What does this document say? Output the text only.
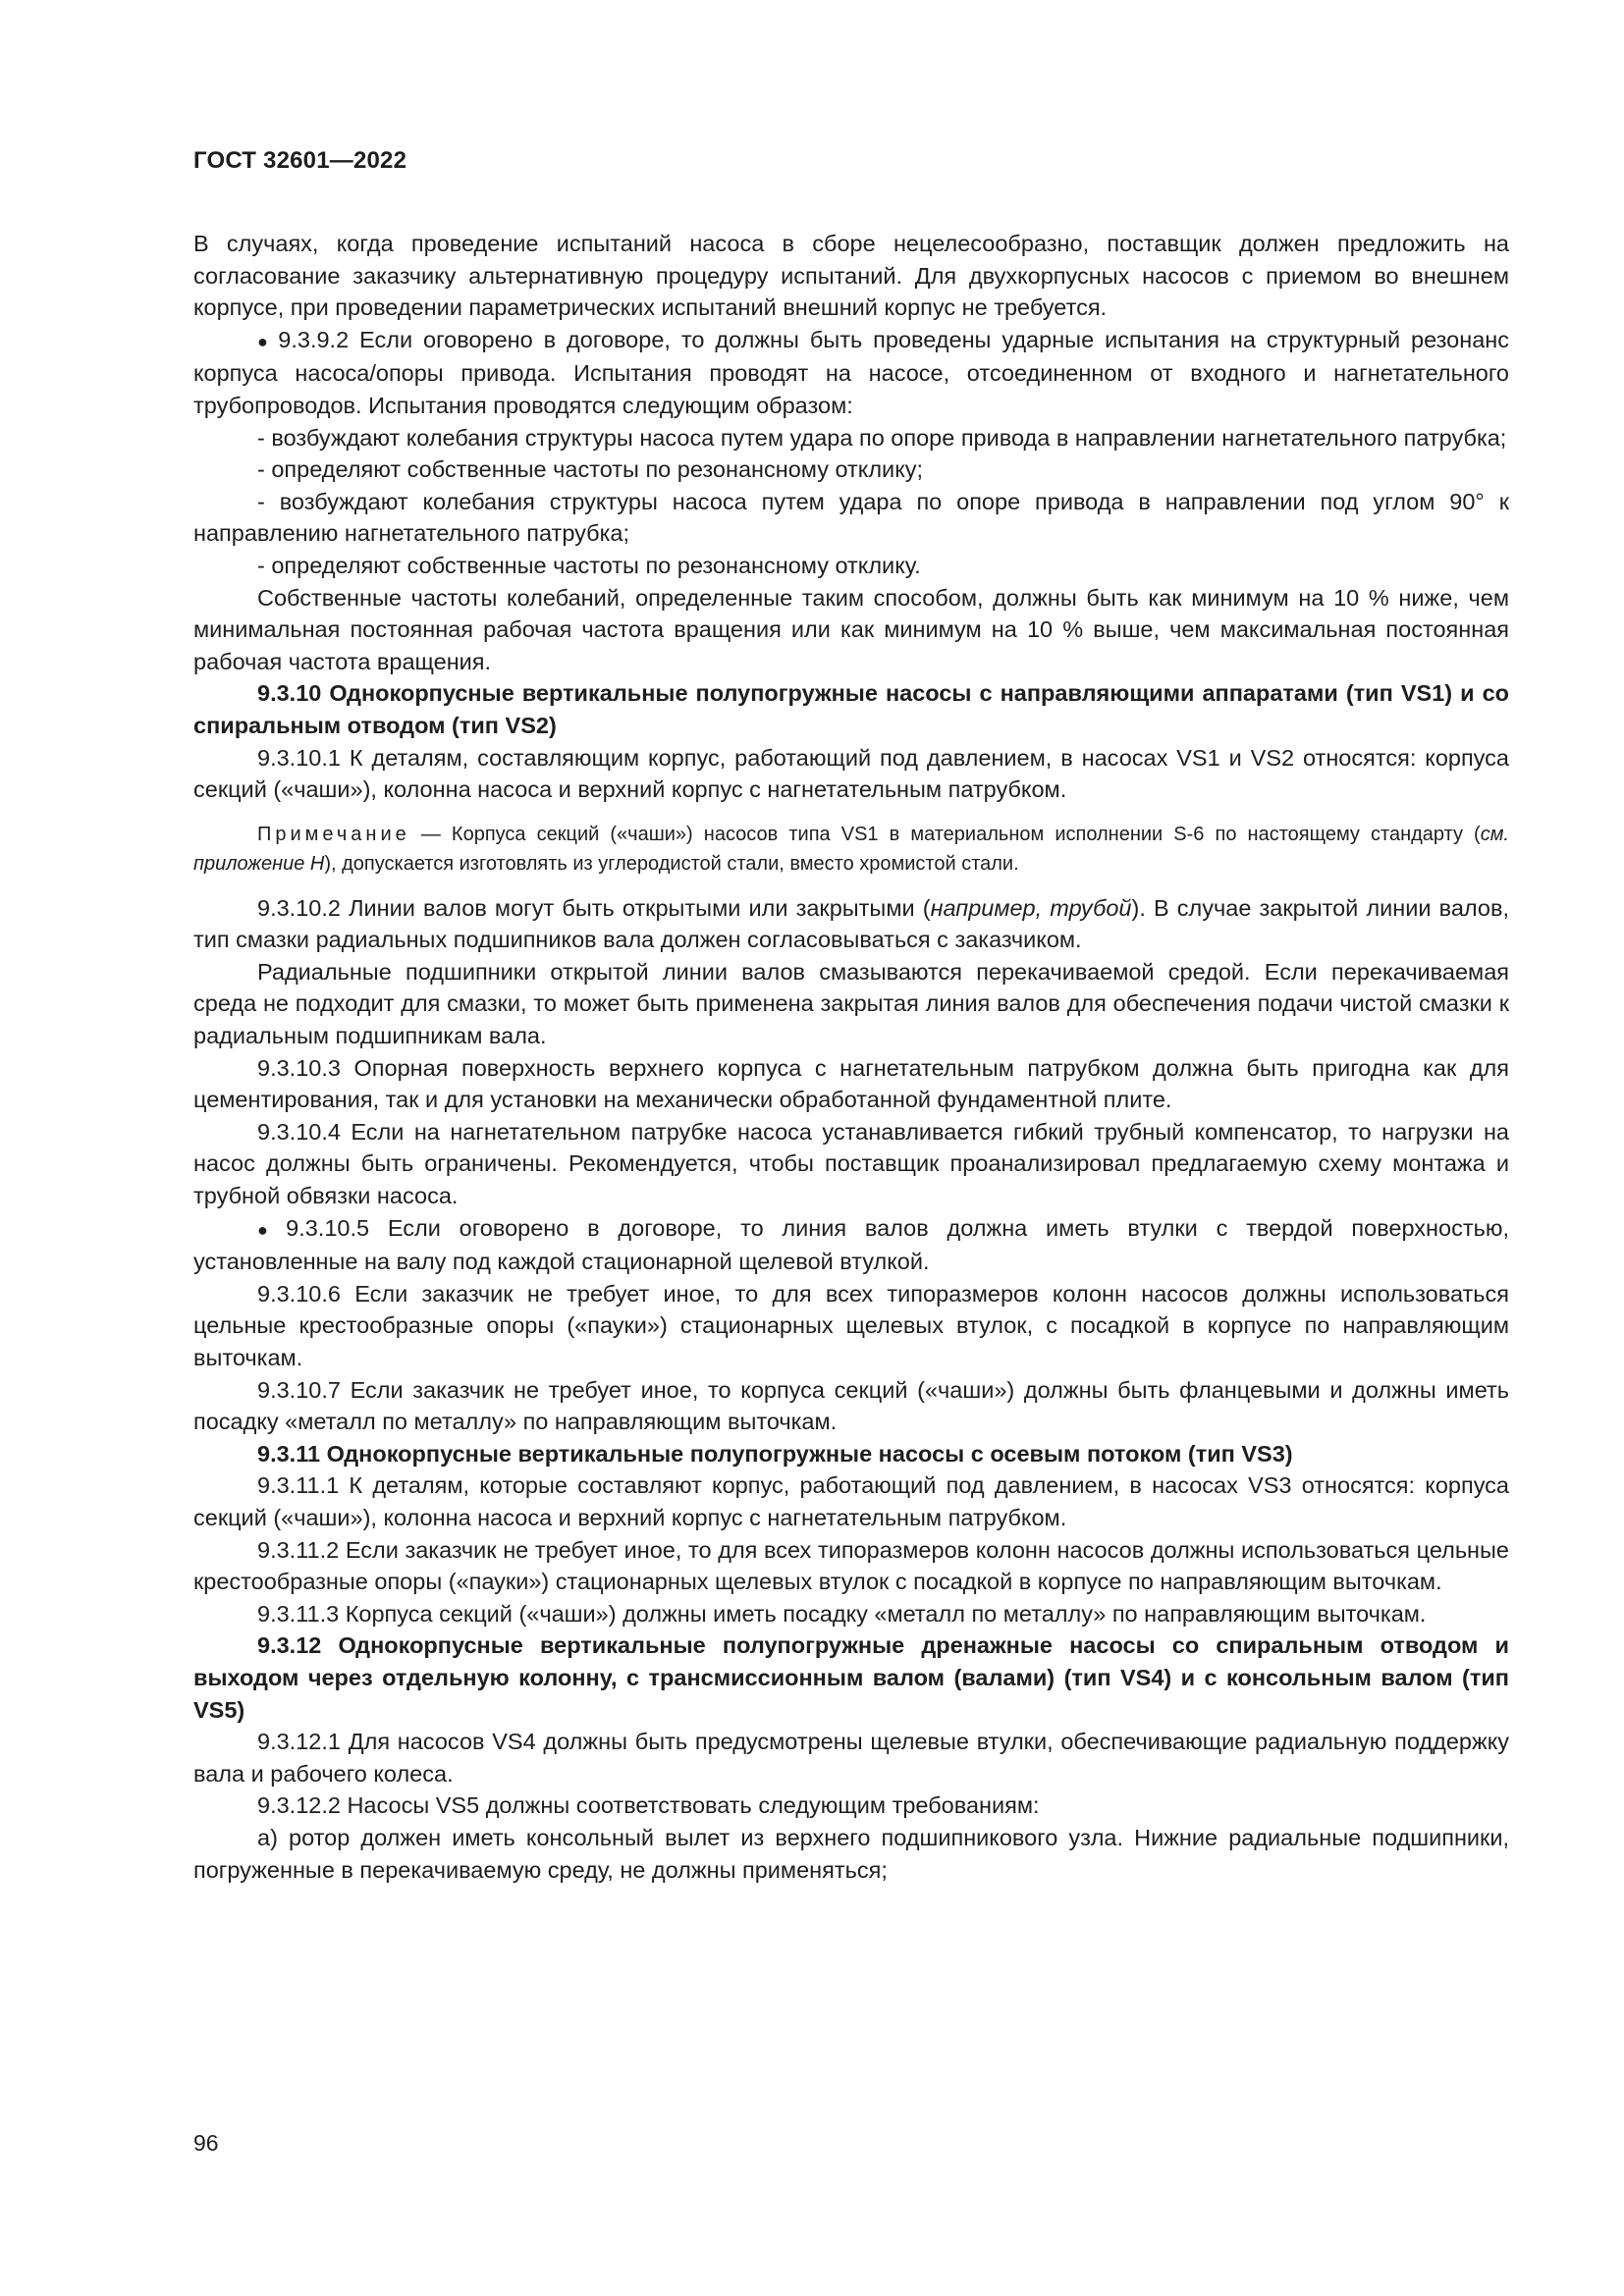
ГОСТ 32601—2022

В случаях, когда проведение испытаний насоса в сборе нецелесообразно, поставщик должен предложить на согласование заказчику альтернативную процедуру испытаний. Для двухкорпусных насосов с приемом во внешнем корпусе, при проведении параметрических испытаний внешний корпус не требуется.

● 9.3.9.2 Если оговорено в договоре, то должны быть проведены ударные испытания на структурный резонанс корпуса насоса/опоры привода. Испытания проводят на насосе, отсоединенном от входного и нагнетательного трубопроводов. Испытания проводятся следующим образом:

- возбуждают колебания структуры насоса путем удара по опоре привода в направлении нагнетательного патрубка;

- определяют собственные частоты по резонансному отклику;

- возбуждают колебания структуры насоса путем удара по опоре привода в направлении под углом 90° к направлению нагнетательного патрубка;

- определяют собственные частоты по резонансному отклику.

Собственные частоты колебаний, определенные таким способом, должны быть как минимум на 10 % ниже, чем минимальная постоянная рабочая частота вращения или как минимум на 10 % выше, чем максимальная постоянная рабочая частота вращения.

9.3.10 Однокорпусные вертикальные полупогружные насосы с направляющими аппаратами (тип VS1) и со спиральным отводом (тип VS2)

9.3.10.1 К деталям, составляющим корпус, работающий под давлением, в насосах VS1 и VS2 относятся: корпуса секций («чаши»), колонна насоса и верхний корпус с нагнетательным патрубком.

Примечание — Корпуса секций («чаши») насосов типа VS1 в материальном исполнении S-6 по настоящему стандарту (см. приложение Н), допускается изготовлять из углеродистой стали, вместо хромистой стали.

9.3.10.2 Линии валов могут быть открытыми или закрытыми (например, трубой). В случае закрытой линии валов, тип смазки радиальных подшипников вала должен согласовываться с заказчиком.

Радиальные подшипники открытой линии валов смазываются перекачиваемой средой. Если перекачиваемая среда не подходит для смазки, то может быть применена закрытая линия валов для обеспечения подачи чистой смазки к радиальным подшипникам вала.

9.3.10.3 Опорная поверхность верхнего корпуса с нагнетательным патрубком должна быть пригодна как для цементирования, так и для установки на механически обработанной фундаментной плите.

9.3.10.4 Если на нагнетательном патрубке насоса устанавливается гибкий трубный компенсатор, то нагрузки на насос должны быть ограничены. Рекомендуется, чтобы поставщик проанализировал предлагаемую схему монтажа и трубной обвязки насоса.

● 9.3.10.5 Если оговорено в договоре, то линия валов должна иметь втулки с твердой поверхностью, установленные на валу под каждой стационарной щелевой втулкой.

9.3.10.6 Если заказчик не требует иное, то для всех типоразмеров колонн насосов должны использоваться цельные крестообразные опоры («пауки») стационарных щелевых втулок, с посадкой в корпусе по направляющим выточкам.

9.3.10.7 Если заказчик не требует иное, то корпуса секций («чаши») должны быть фланцевыми и должны иметь посадку «металл по металлу» по направляющим выточкам.

9.3.11 Однокорпусные вертикальные полупогружные насосы с осевым потоком (тип VS3)

9.3.11.1 К деталям, которые составляют корпус, работающий под давлением, в насосах VS3 относятся: корпуса секций («чаши»), колонна насоса и верхний корпус с нагнетательным патрубком.

9.3.11.2 Если заказчик не требует иное, то для всех типоразмеров колонн насосов должны использоваться цельные крестообразные опоры («пауки») стационарных щелевых втулок с посадкой в корпусе по направляющим выточкам.

9.3.11.3 Корпуса секций («чаши») должны иметь посадку «металл по металлу» по направляющим выточкам.

9.3.12 Однокорпусные вертикальные полупогружные дренажные насосы со спиральным отводом и выходом через отдельную колонну, с трансмиссионным валом (валами) (тип VS4) и с консольным валом (тип VS5)

9.3.12.1 Для насосов VS4 должны быть предусмотрены щелевые втулки, обеспечивающие радиальную поддержку вала и рабочего колеса.

9.3.12.2 Насосы VS5 должны соответствовать следующим требованиям:

а) ротор должен иметь консольный вылет из верхнего подшипникового узла. Нижние радиальные подшипники, погруженные в перекачиваемую среду, не должны применяться;

96
